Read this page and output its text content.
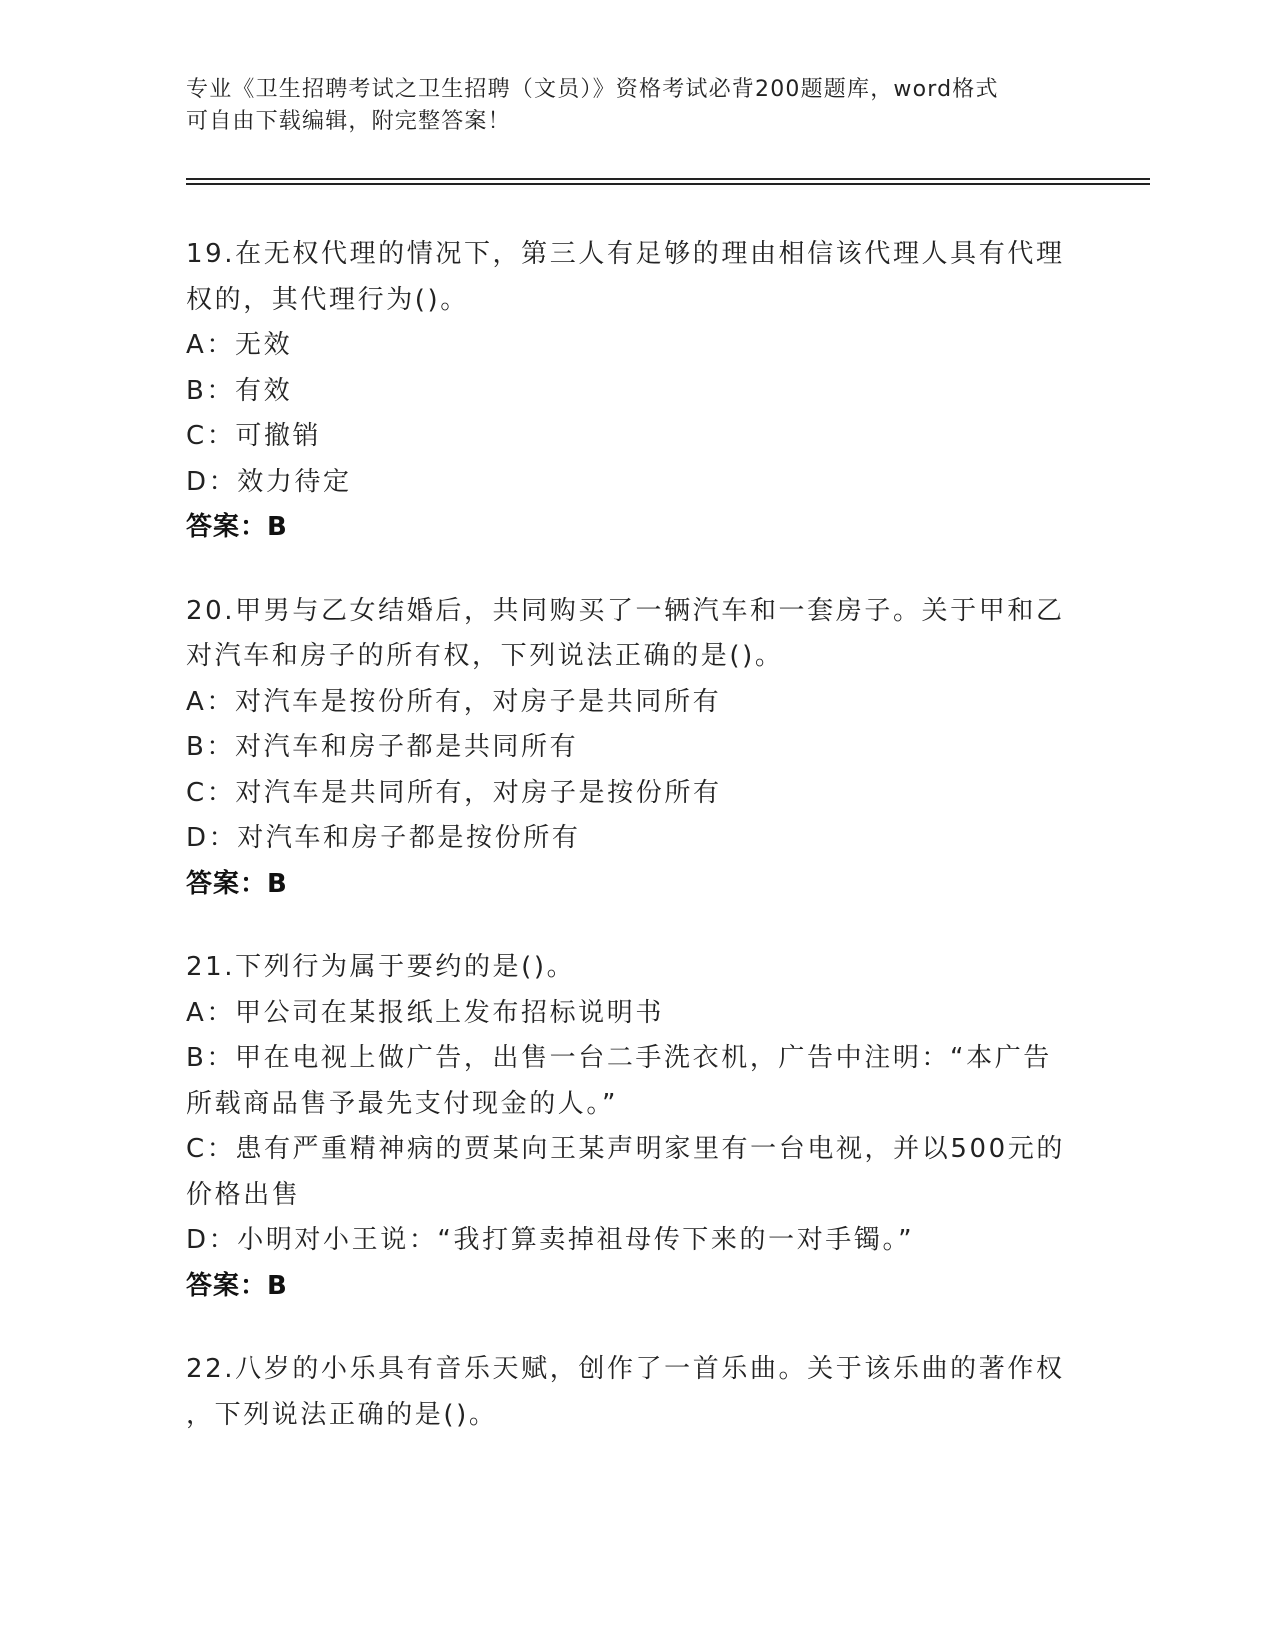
专业《卫生招聘考试之卫生招聘（文员）》资格考试必背200题题库，word格式
可自由下载编辑，附完整答案！
19.在无权代理的情况下，第三人有足够的理由相信该代理人具有代理
权的，其代理行为()。
A：无效
B：有效
C：可撤销
D：效力待定
答案：B
20.甲男与乙女结婚后，共同购买了一辆汽车和一套房子。关于甲和乙
对汽车和房子的所有权，下列说法正确的是()。
A：对汽车是按份所有，对房子是共同所有
B：对汽车和房子都是共同所有
C：对汽车是共同所有，对房子是按份所有
D：对汽车和房子都是按份所有
答案：B
21.下列行为属于要约的是()。
A：甲公司在某报纸上发布招标说明书
B：甲在电视上做广告，出售一台二手洗衣机，广告中注明：“本广告
所载商品售予最先支付现金的人。”
C：患有严重精神病的贾某向王某声明家里有一台电视，并以500元的
价格出售
D：小明对小王说：“我打算卖掉祖母传下来的一对手镯。”
答案：B
22.八岁的小乐具有音乐天赋，创作了一首乐曲。关于该乐曲的著作权
，下列说法正确的是()。
